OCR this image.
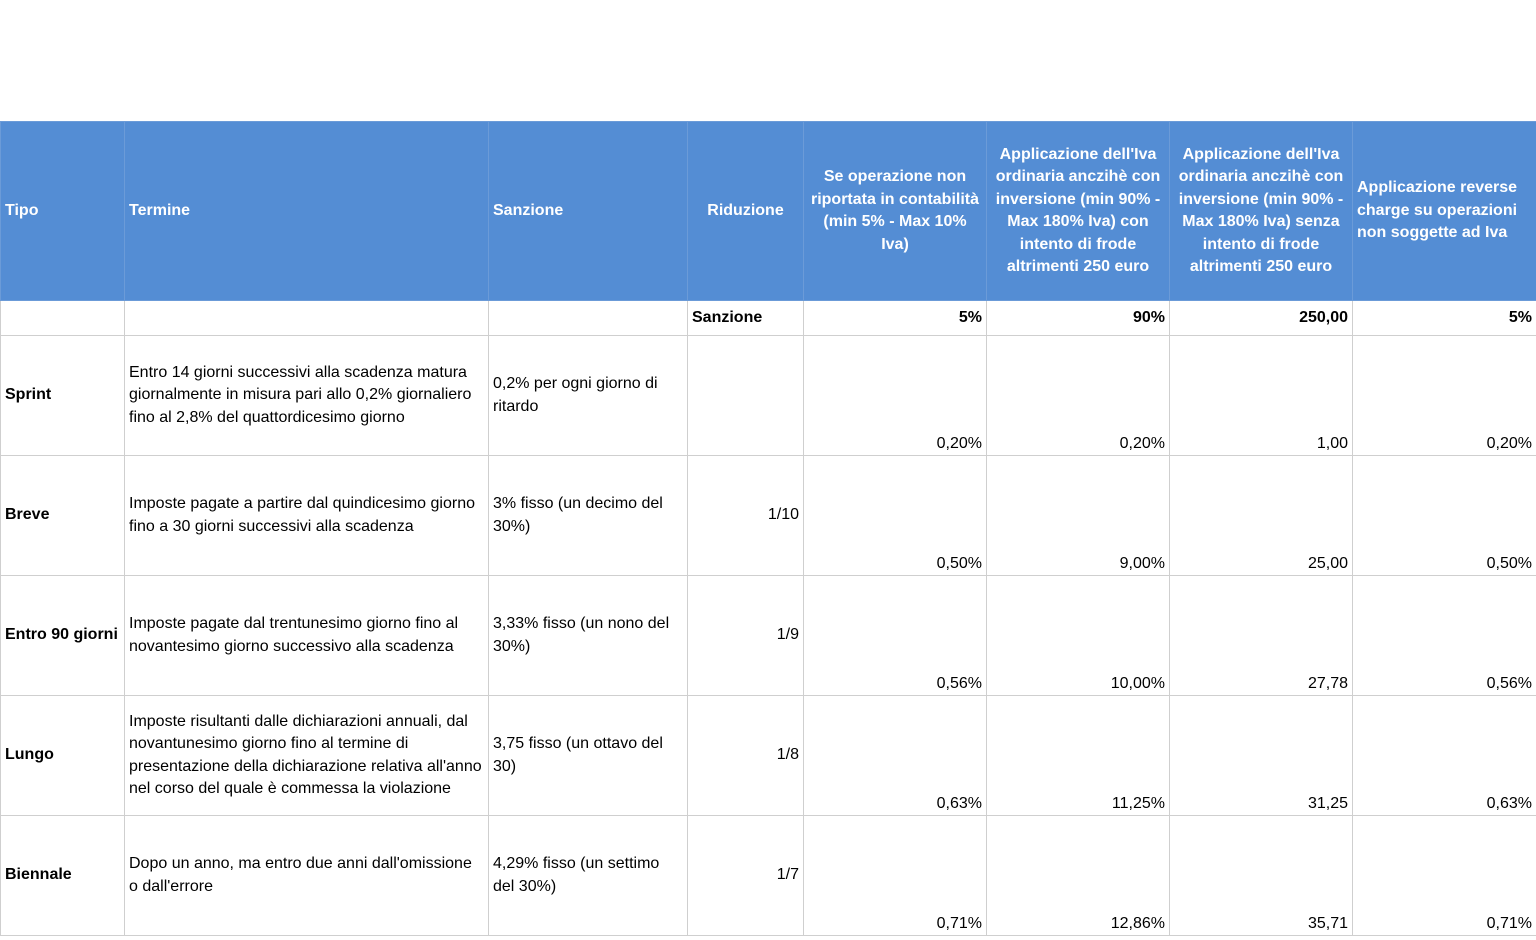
Tipo	Termine	Sanzione	Riduzione	Se operazione non riportata in contabilità (min 5% - Max 10% Iva)	Applicazione dell'Iva ordinaria anczihè con inversione (min 90% - Max 180% Iva) con intento di frode altrimenti 250 euro	Applicazione dell'Iva ordinaria anczihè con inversione (min 90% - Max 180% Iva) senza intento di frode altrimenti 250 euro	Applicazione reverse charge su operazioni non soggette ad Iva
			Sanzione	5%	90%	250,00	5%
Sprint	Entro 14 giorni successivi alla scadenza matura giornalmente in misura pari allo 0,2% giornaliero fino al 2,8% del quattordicesimo giorno	0,2% per ogni giorno di ritardo		0,20%	0,20%	1,00	0,20%
Breve	Imposte pagate a partire dal quindicesimo giorno fino a 30 giorni successivi alla scadenza	3% fisso (un decimo del 30%)	1/10	0,50%	9,00%	25,00	0,50%
Entro 90 giorni	Imposte pagate dal trentunesimo giorno fino al novantesimo giorno successivo alla scadenza	3,33% fisso (un nono del 30%)	1/9	0,56%	10,00%	27,78	0,56%
Lungo	Imposte risultanti dalle dichiarazioni annuali, dal novantunesimo giorno fino al termine di presentazione della dichiarazione relativa all'anno nel corso del quale è commessa la violazione	3,75 fisso (un ottavo del 30)	1/8	0,63%	11,25%	31,25	0,63%
Biennale	Dopo un anno, ma entro due anni dall'omissione o dall'errore	4,29% fisso (un settimo del 30%)	1/7	0,71%	12,86%	35,71	0,71%
